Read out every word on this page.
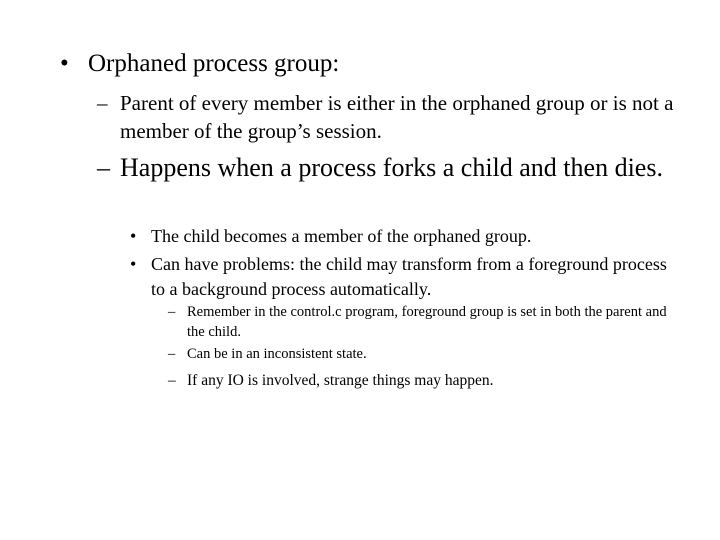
• Orphaned process group:
– Parent of every member is either in the orphaned group or is not a member of the group’s session.
– Happens when a process forks a child and then dies.
• The child becomes a member of the orphaned group.
• Can have problems: the child may transform from a foreground process to a background process automatically.
– Remember in the control.c program, foreground group is set in both the parent and the child.
– Can be in an inconsistent state.
– If any IO is involved, strange things may happen.
